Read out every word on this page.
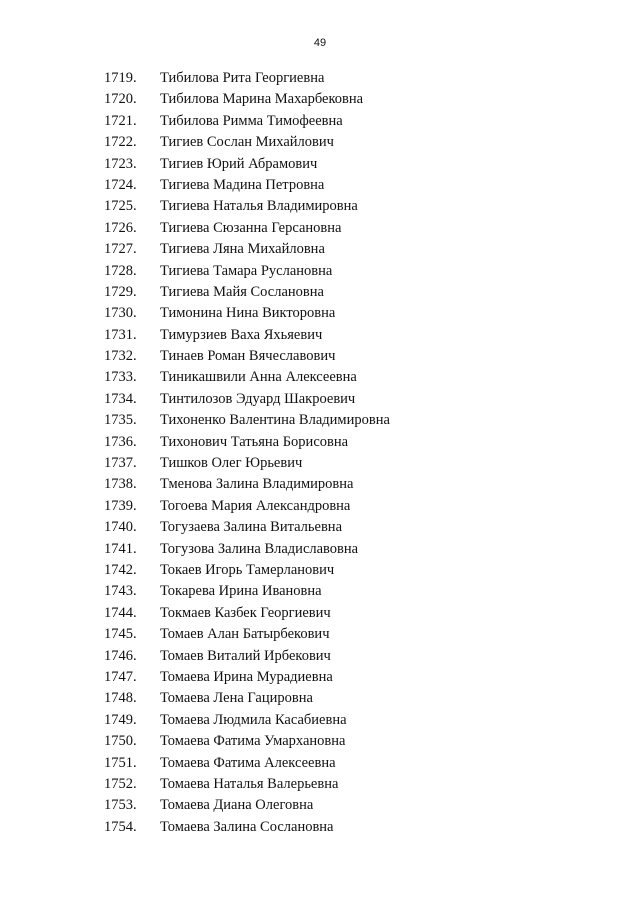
49
1719.	Тибилова Рита Георгиевна
1720.	Тибилова Марина Махарбековна
1721.	Тибилова Римма Тимофеевна
1722.	Тигиев Сослан Михайлович
1723.	Тигиев Юрий Абрамович
1724.	Тигиева Мадина Петровна
1725.	Тигиева Наталья Владимировна
1726.	Тигиева Сюзанна Герсановна
1727.	Тигиева Ляна Михайловна
1728.	Тигиева Тамара Руслановна
1729.	Тигиева Майя Сослановна
1730.	Тимонина Нина Викторовна
1731.	Тимурзиев Ваха Яхьяевич
1732.	Тинаев Роман Вячеславович
1733.	Тиникашвили Анна Алексеевна
1734.	Тинтилозов Эдуард Шакроевич
1735.	Тихоненко Валентина Владимировна
1736.	Тихонович Татьяна Борисовна
1737.	Тишков Олег Юрьевич
1738.	Тменова Залина Владимировна
1739.	Тогоева Мария Александровна
1740.	Тогузаева Залина Витальевна
1741.	Тогузова Залина Владиславовна
1742.	Токаев Игорь Тамерланович
1743.	Токарева Ирина Ивановна
1744.	Токмаев Казбек Георгиевич
1745.	Томаев Алан Батырбекович
1746.	Томаев Виталий Ирбекович
1747.	Томаева Ирина Мурадиевна
1748.	Томаева Лена Гацировна
1749.	Томаева Людмила Касабиевна
1750.	Томаева Фатима Умархановна
1751.	Томаева Фатима Алексеевна
1752.	Томаева Наталья Валерьевна
1753.	Томаева Диана Олеговна
1754.	Томаева Залина Сослановна
